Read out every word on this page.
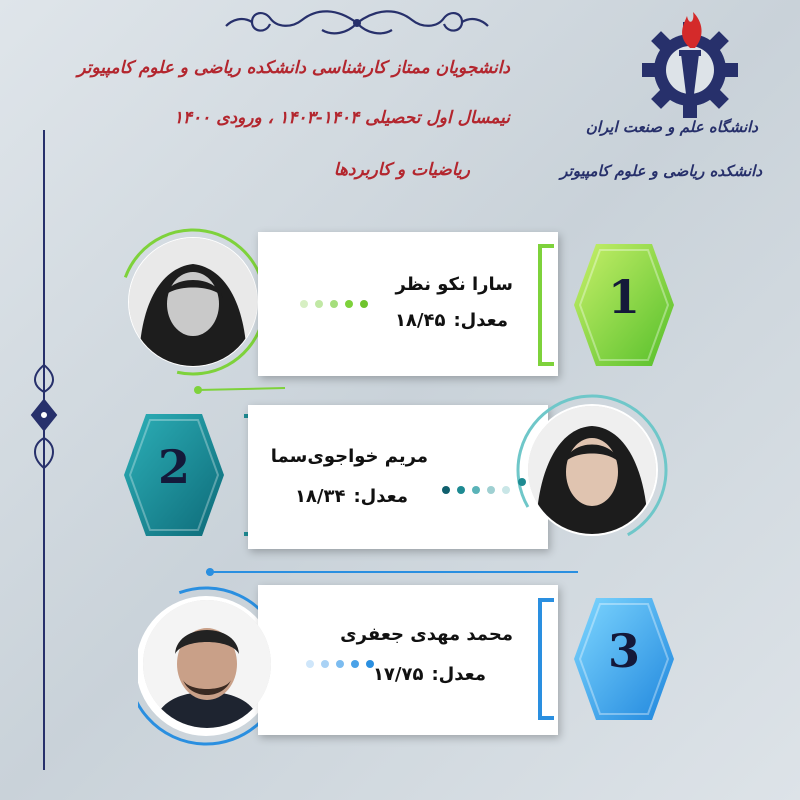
دانشجویان ممتاز کارشناسی دانشکده ریاضی و علوم کامپیوتر
نیمسال اول تحصیلی ۱۴۰۴-۱۴۰۳ ، ورودی ۱۴۰۰
ریاضیات و کاربردها
دانشگاه علم و صنعت ایران
دانشکده ریاضی و علوم کامپیوتر
سارا نکو نظر
معدل:۱۸/۴۵	1
2	مریم خواجوی‌سما
معدل:۱۸/۳۴
محمد مهدی جعفری
معدل:۱۷/۷۵	3
